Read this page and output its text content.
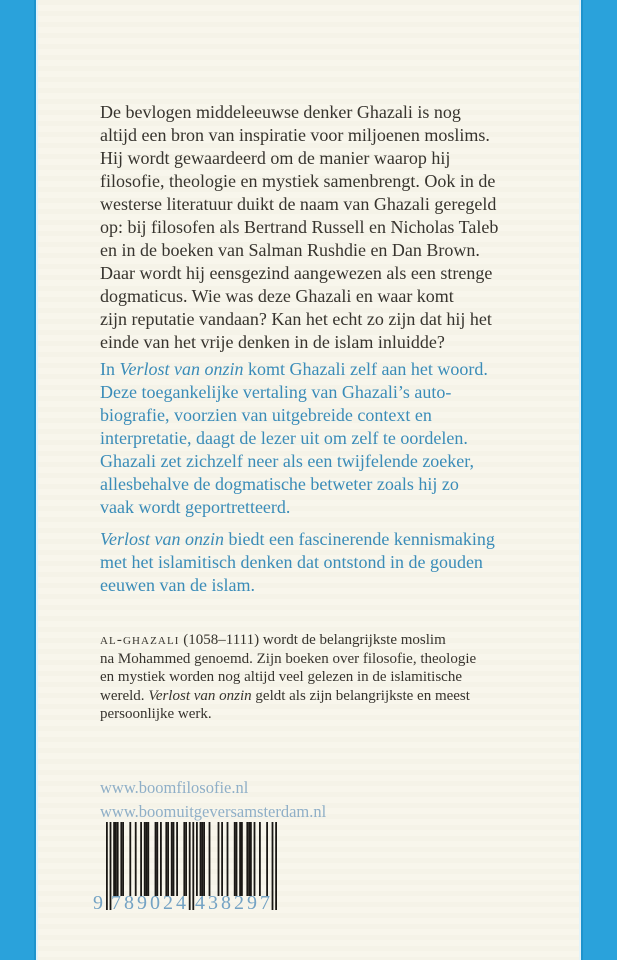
De bevlogen middeleeuwse denker Ghazali is nog
altijd een bron van inspiratie voor miljoenen moslims.
Hij wordt gewaardeerd om de manier waarop hij
filosofie, theologie en mystiek samenbrengt. Ook in de
westerse literatuur duikt de naam van Ghazali geregeld
op: bij filosofen als Bertrand Russell en Nicholas Taleb
en in de boeken van Salman Rushdie en Dan Brown.
Daar wordt hij eensgezind aangewezen als een strenge
dogmaticus. Wie was deze Ghazali en waar komt
zijn reputatie vandaan? Kan het echt zo zijn dat hij het
einde van het vrije denken in de islam inluidde?
In Verlost van onzin komt Ghazali zelf aan het woord.
Deze toegankelijke vertaling van Ghazali’s auto-
biografie, voorzien van uitgebreide context en
interpretatie, daagt de lezer uit om zelf te oordelen.
Ghazali zet zichzelf neer als een twijfelende zoeker,
allesbehalve de dogmatische betweter zoals hij zo
vaak wordt geportretteerd.
Verlost van onzin biedt een fascinerende kennismaking
met het islamitisch denken dat ontstond in de gouden
eeuwen van de islam.
al-ghazali (1058–1111) wordt de belangrijkste moslim
na Mohammed genoemd. Zijn boeken over filosofie, theologie
en mystiek worden nog altijd veel gelezen in de islamitische
wereld. Verlost van onzin geldt als zijn belangrijkste en meest
persoonlijke werk.
www.boomfilosofie.nl
www.boomuitgeversamsterdam.nl
9 789024 438297
